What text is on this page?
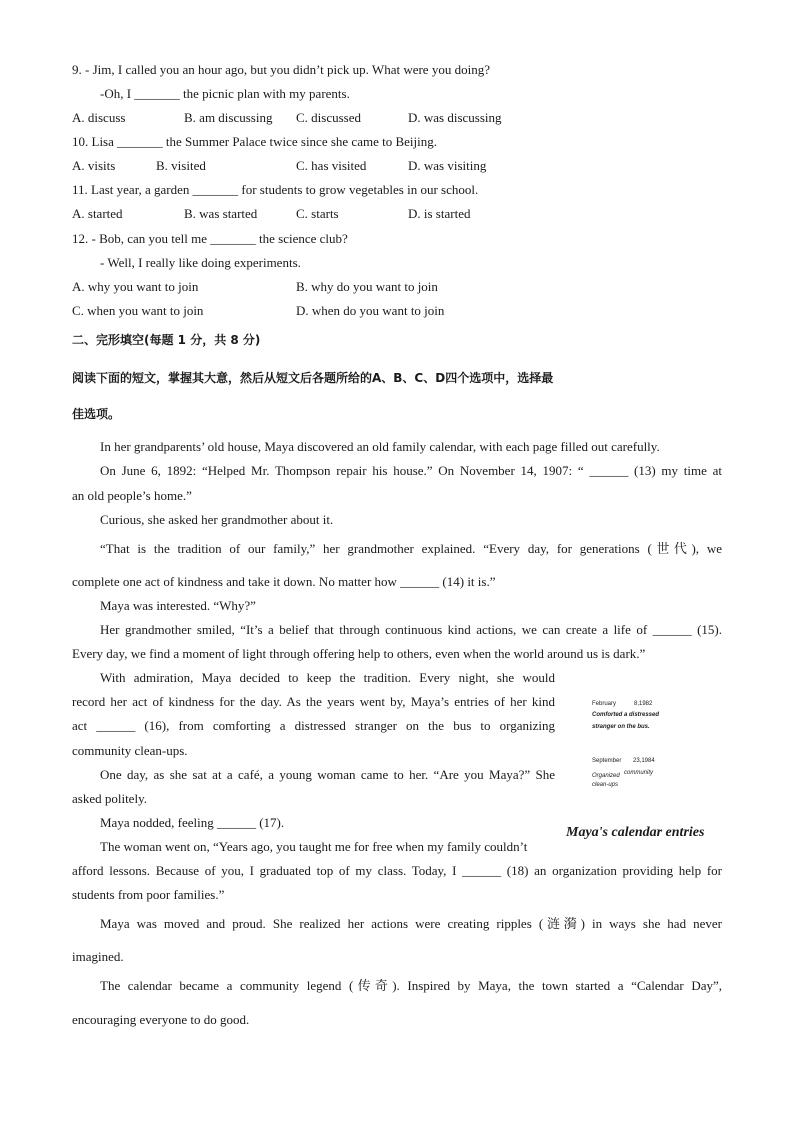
9. - Jim, I called you an hour ago, but you didn’t pick up. What were you doing?
-Oh, I _______ the picnic plan with my parents.
A. discuss	B. am discussing C. discussed	D. was discussing
10. Lisa _______ the Summer Palace twice since she came to Beijing.
A. visits	B. visited	C. has visited	D. was visiting
11. Last year, a garden _______ for students to grow vegetables in our school.
A. started	B. was started	C. starts	D. is started
12. - Bob, can you tell me _______ the science club?
- Well, I really like doing experiments.
A. why you want to join	B. why do you want to join
C. when you want to join	D. when do you want to join
二、完形填空(每题 1 分，共 8 分)
阅读下面的短文，掌握其大意，然后从短文后各题所给的A、B、C、D四个选项中，选择最
佳选项。
In her grandparents’ old house, Maya discovered an old family calendar, with each page filled out carefully.
On June 6, 1892: “Helped Mr. Thompson repair his house.” On November 14, 1907: “ ______ (13) my time at
an old people’s home.”
Curious, she asked her grandmother about it.
“That is the tradition of our family,” her grandmother explained. “Every day, for generations (世代), we
complete one act of kindness and take it down. No matter how ______ (14) it is.”
Maya was interested. “Why?”
Her grandmother smiled, “It’s a belief that through continuous kind actions, we can create a life of ______ (15).
Every day, we find a moment of light through offering help to others, even when the world around us is dark.”
With admiration, Maya decided to keep the tradition. Every night, she would
record her act of kindness for the day. As the years went by, Maya’s entries of her kind
act ______ (16), from comforting a distressed stranger on the bus to organizing
community clean-ups.
One day, as she sat at a café, a young woman came to her. “Are you Maya?” She
asked politely.
Maya nodded, feeling ______ (17).
The woman went on, “Years ago, you taught me for free when my family couldn’t
afford lessons. Because of you, I graduated top of my class. Today, I ______ (18) an organization providing help for
students from poor families.”
Maya was moved and proud. She realized her actions were creating ripples (涟漪) in ways she had never
imagined.
The calendar became a community legend (传奇). Inspired by Maya, the town started a “Calendar Day”,
encouraging everyone to do good.
February	8,1982
Comforted a distressed
stranger on the bus.
September 23,1984
Organized community
clean-ups
Maya's calendar entries
